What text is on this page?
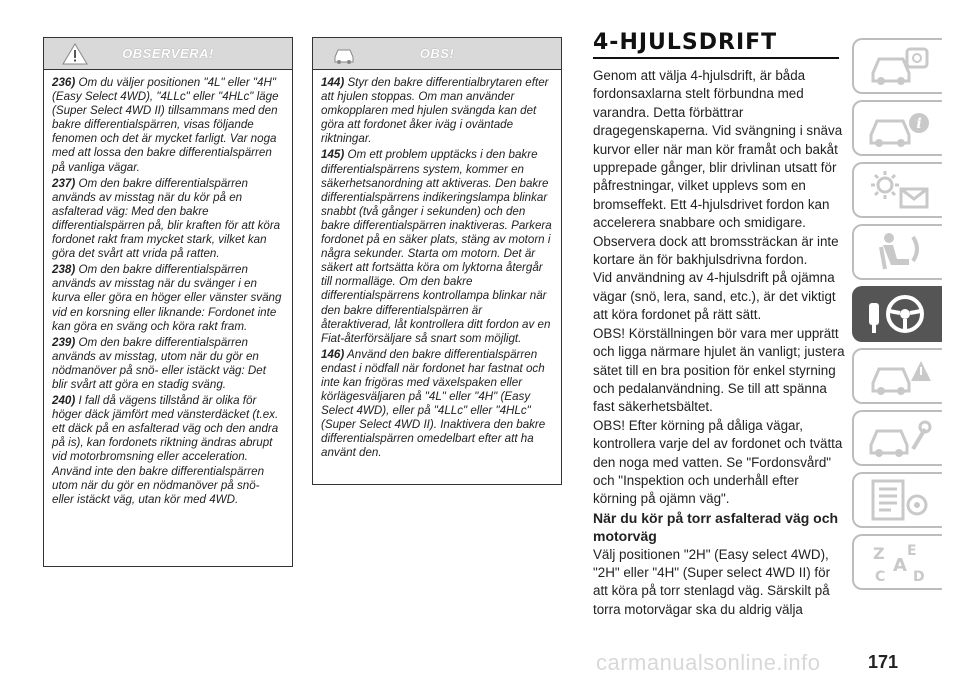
OBSERVERA!

236) Om du väljer positionen "4L" eller "4H" (Easy Select 4WD), "4LLc" eller "4HLc" läge (Super Select 4WD II) tillsammans med den bakre differentialspärren, visas följande fenomen och det är mycket farligt. Var noga med att lossa den bakre differentialspärren på vanliga vägar.

237) Om den bakre differentialspärren används av misstag när du kör på en asfalterad väg: Med den bakre differentialspärren på, blir kraften för att köra fordonet rakt fram mycket stark, vilket kan göra det svårt att vrida på ratten.

238) Om den bakre differentialspärren används av misstag när du svänger i en kurva eller göra en höger eller vänster sväng vid en korsning eller liknande: Fordonet inte kan göra en sväng och köra rakt fram.

239) Om den bakre differentialspärren används av misstag, utom när du gör en nödmanöver på snö- eller istäckt väg: Det blir svårt att göra en stadig sväng.

240) I fall då vägens tillstånd är olika för höger däck jämfört med vänsterdäcket (t.ex. ett däck på en asfalterad väg och den andra på is), kan fordonets riktning ändras abrupt vid motorbromsning eller acceleration. Använd inte den bakre differentialspärren utom när du gör en nödmanöver på snö- eller istäckt väg, utan kör med 4WD.

OBS!

144) Styr den bakre differentialbrytaren efter att hjulen stoppas. Om man använder omkopplaren med hjulen svängda kan det göra att fordonet åker iväg i oväntade riktningar.

145) Om ett problem upptäcks i den bakre differentialspärrens system, kommer en säkerhetsanordning att aktiveras. Den bakre differentialspärrens indikeringslampa blinkar snabbt (två gånger i sekunden) och den bakre differentialspärren inaktiveras. Parkera fordonet på en säker plats, stäng av motorn i några sekunder. Starta om motorn. Det är säkert att fortsätta köra om lyktorna återgår till normalläge. Om den bakre differentialspärrens kontrollampa blinkar när den bakre differentialspärren är återaktiverad, låt kontrollera ditt fordon av en Fiat-återförsäljare så snart som möjligt.

146) Använd den bakre differentialspärren endast i nödfall när fordonet har fastnat och inte kan frigöras med växelspaken eller körlägesväljaren på "4L" eller "4H" (Easy Select 4WD), eller på "4LLc" eller "4HLc" (Super Select 4WD II). Inaktivera den bakre differentialspärren omedelbart efter att ha använt den.

4-HJULSDRIFT

Genom att välja 4-hjulsdrift, är båda fordonsaxlarna stelt förbundna med varandra. Detta förbättrar dragegenskaperna. Vid svängning i snäva kurvor eller när man kör framåt och bakåt upprepade gånger, blir drivlinan utsatt för påfrestningar, vilket upplevs som en bromseffekt. Ett 4-hjulsdrivet fordon kan accelerera snabbare och smidigare.

Observera dock att bromssträckan är inte kortare än för bakhjulsdrivna fordon.

Vid användning av 4-hjulsdrift på ojämna vägar (snö, lera, sand, etc.), är det viktigt att köra fordonet på rätt sätt.

OBS! Körställningen bör vara mer upprätt och ligga närmare hjulet än vanligt; justera sätet till en bra position för enkel styrning och pedalanvändning. Se till att spänna fast säkerhetsbältet.

OBS! Efter körning på dåliga vägar, kontrollera varje del av fordonet och tvätta den noga med vatten. Se "Fordonsvård" och "Inspektion och underhåll efter körning på ojämn väg".

När du kör på torr asfalterad väg och motorväg

Välj positionen "2H" (Easy select 4WD), "2H" eller "4H" (Super select 4WD II) för att köra på torr stenlagd väg. Särskilt på torra motorvägar ska du aldrig välja

i
Z E
A
C D
171
carmanualsonline.info
